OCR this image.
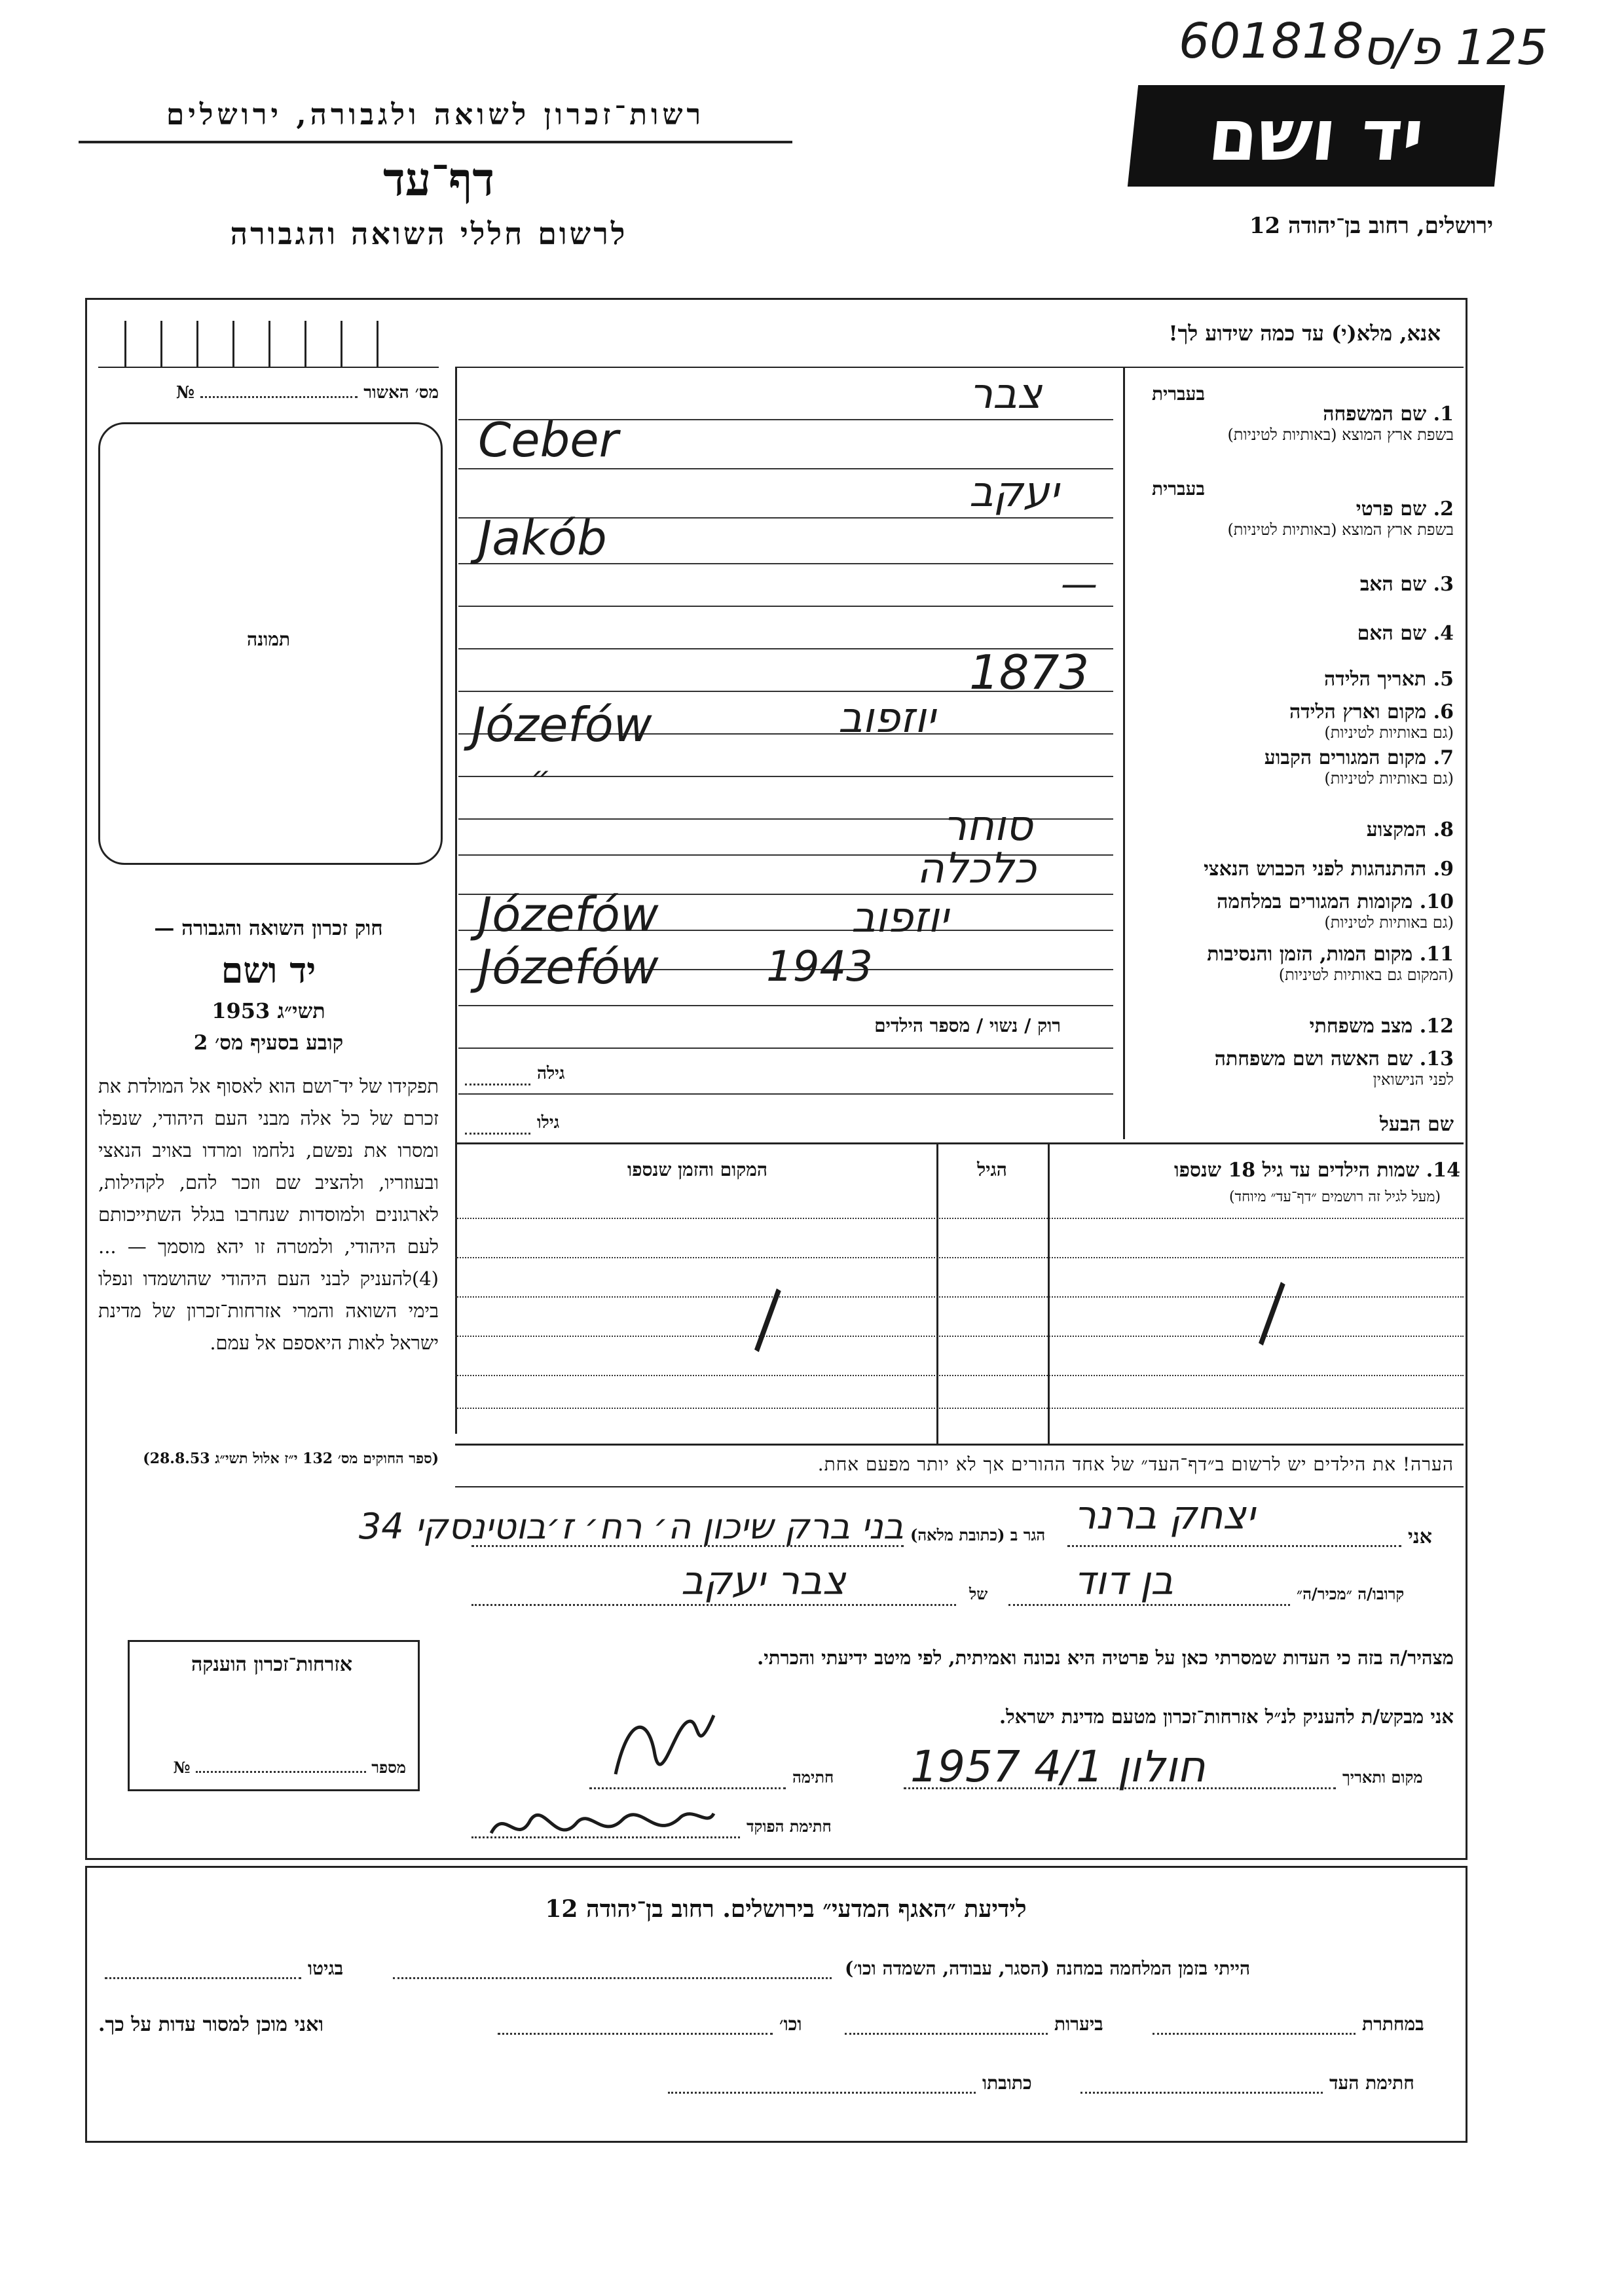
רשות־זכרון לשואה ולגבורה, ירושלים
דף־עד
לרשום חללי השואה והגבורה
601818
125 פ/ס
יד ושם
ירושלים, רחוב בן־יהודה 12
אנא, מלא(י) עד כמה שידוע לך!
מס׳ האשור  №
תמונה
חוק זכרון השואה והגבורה —
יד ושם
תשי״ג 1953
קובע בסעיף מס׳ 2
תפקידו של יד־ושם הוא לאסוף אל המולדת את זכרם של כל אלה מבני העם היהודי, שנפלו ומסרו את נפשם, נלחמו ומרדו באויב הנאצי ובעוזריו, ולהציב שם וזכר להם, לקהילות, לארגונים ולמוסדות שנחרבו בגלל השתייכותם לעם היהודי, ולמטרה זו יהא מוסמך — ...(4)להעניק לבני העם היהודי שהושמדו ונפלו בימי השואה והמרי אזרחות־זכרון של מדינת ישראל לאות היאספם אל עמם.
(ספר החוקים מס׳ 132 י״ז אלול תשי״ג 28.8.53)
בעברית
1. שם המשפחה
בשפת ארץ המוצא (באותיות לטיניות)
צבר
Ceber
בעברית
2. שם פרטי
בשפת ארץ המוצא (באותיות לטיניות)
יעקב
Jakób
3. שם האב
—
4. שם האם
5. תאריך הלידה
1873
6. מקום וארץ הלידה
(גם באותיות לטיניות)
יוזפוב
Józefów
7. מקום המגורים הקבוע
(גם באותיות לטיניות)
״
8. המקצוע
סוחר
9. ההתנהגות לפני הכבוש הנאצי
כלכלה
10. מקומות המגורים במלחמה
(גם באותיות לטיניות)
יוזפוב
Józefów
11. מקום המות, הזמן והנסיבות
(המקום גם באותיות לטיניות)
Józefów	1943
12. מצב משפחתי
רוק / נשוי / מספר הילדים
13. שם האשה ושם משפחתה
לפני הנישואין
גילה
שם הבעל
גילו
14. שמות הילדים עד גיל 18 שנספו
(מעל לגיל זה רושמים ״דף־עד״ מיוחד)
הגיל
המקום והזמן שנספו
—
—
הערה! את הילדים יש לרשום ב״דף־העד״ של אחד ההורים אך לא יותר מפעם אחת.
אני
יצחק ברנר
הגר ב (כתובת מלאה)
בני ברק שיכון ה׳ רח׳ ז׳בוטינסקי 34
קרובו/ה ״מכיר/ה״
בן דוד
של
צבר יעקב
מצהיר/ה בזה כי העדות שמסרתי כאן על פרטיה היא נכונה ואמיתית, לפי מיטב ידיעתי והכרתי.
אני מבקש/ת להעניק לנ״ל אזרחות־זכרון מטעם מדינת ישראל.
מקום ותאריך
חולון 4/1 1957
חתימה
חתימת הפוקד
אזרחות־זכרון הוענקה
מספר  №
לידיעת ״האגף המדעי״ בירושלים. רחוב בן־יהודה 12
הייתי בזמן המלחמה במחנה (הסגר, עבודה, השמדה וכו׳)
בגיטו
במחתרת
ביערות
וכו׳
ואני מוכן למסור עדות על כך.
חתימת העד
כתובתו
